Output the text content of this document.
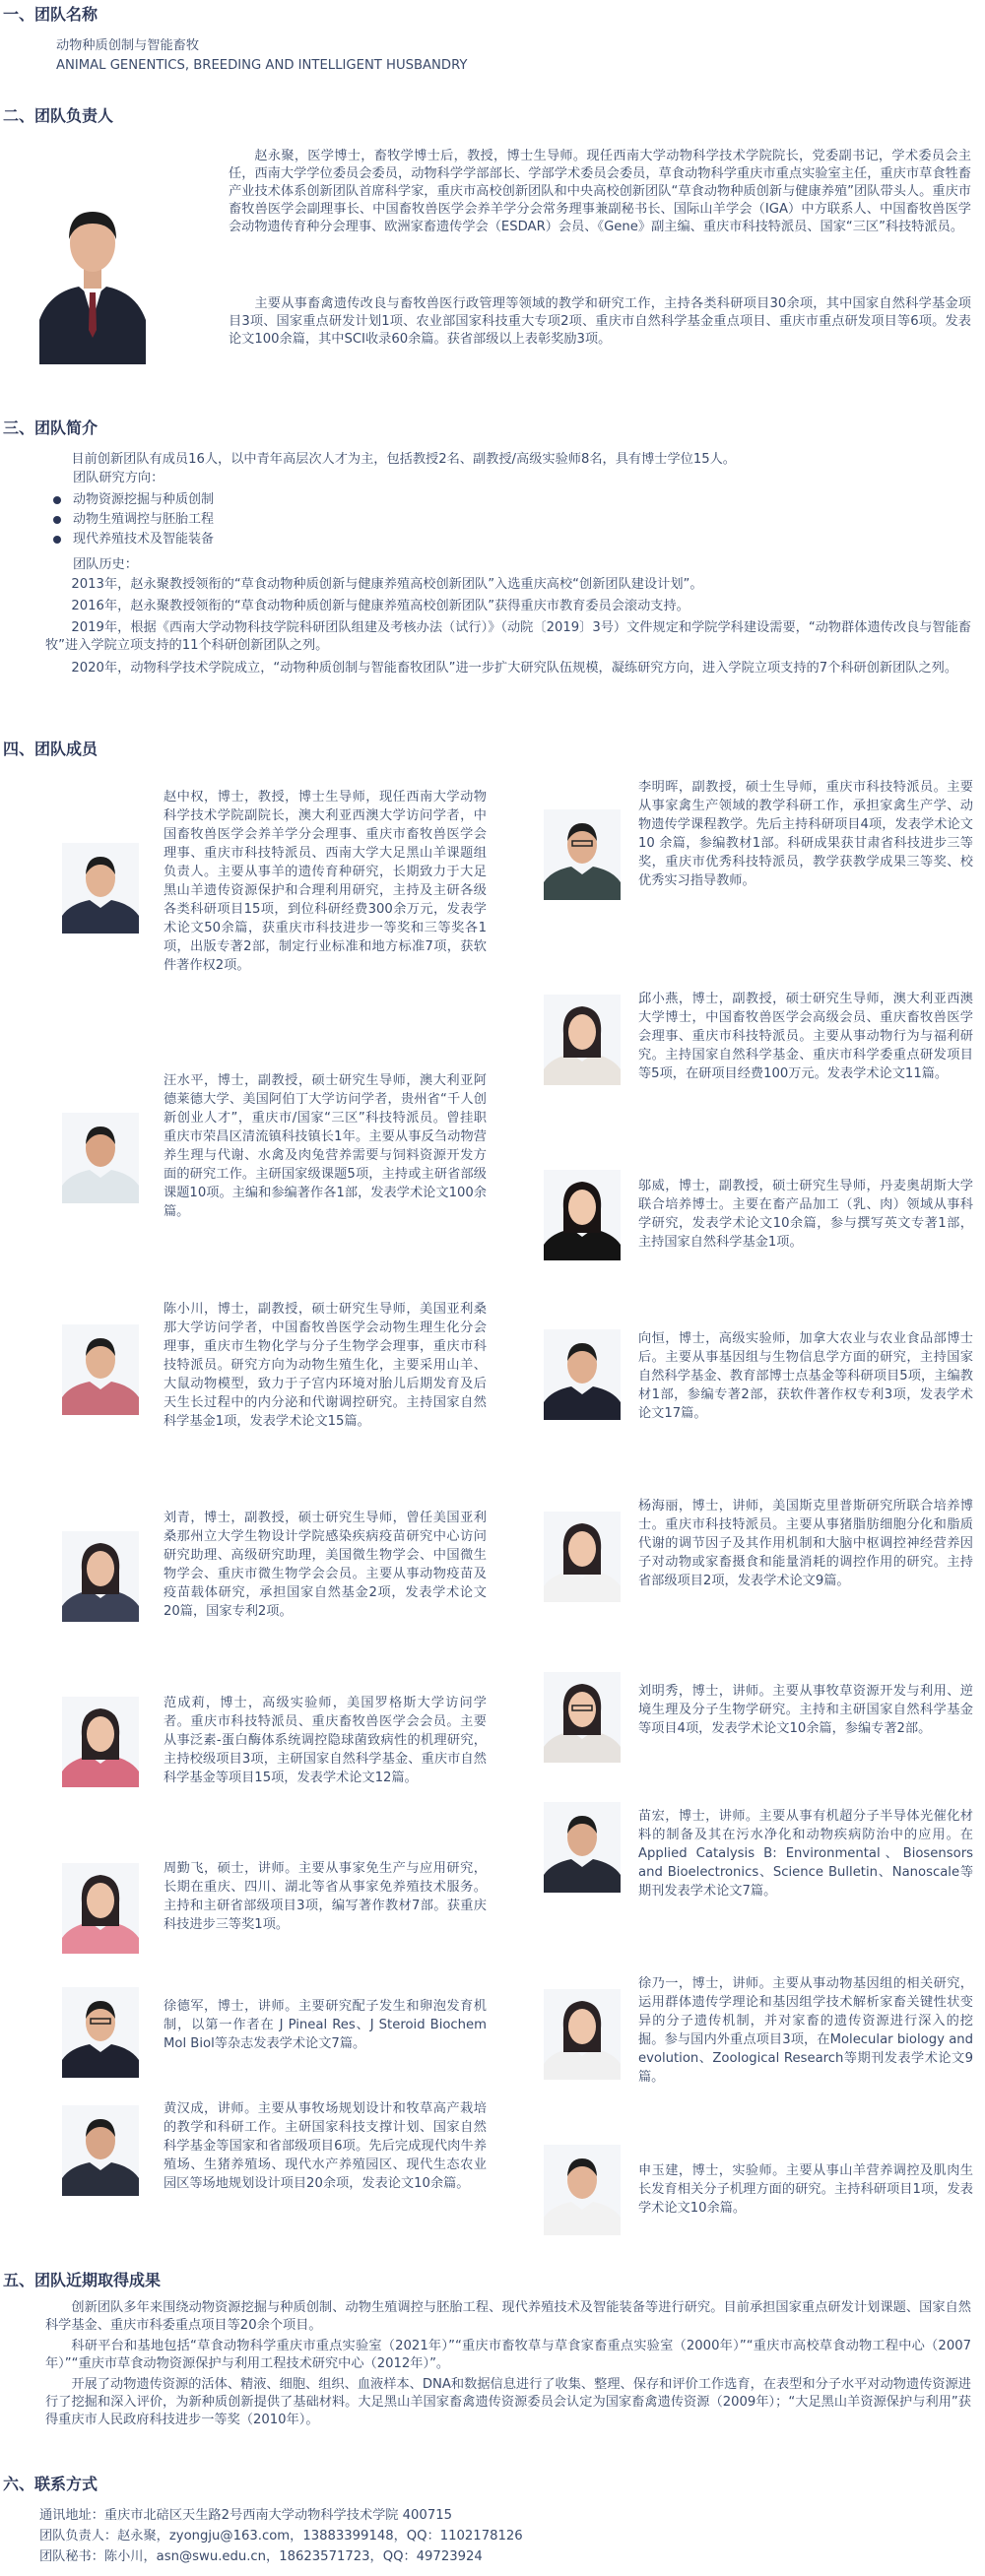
一、团队名称
动物种质创制与智能畜牧
ANIMAL GENENTICS, BREEDING AND INTELLIGENT HUSBANDRY
二、团队负责人
赵永聚，医学博士，畜牧学博士后，教授，博士生导师。现任西南大学动物科学技术学院院长，党委副书记，学术委员会主任，西南大学学位委员会委员，动物科学学部部长、学部学术委员会委员，草食动物科学重庆市重点实验室主任，重庆市草食牲畜产业技术体系创新团队首席科学家，重庆市高校创新团队和中央高校创新团队“草食动物种质创新与健康养殖”团队带头人。重庆市畜牧兽医学会副理事长、中国畜牧兽医学会养羊学分会常务理事兼副秘书长、国际山羊学会（IGA）中方联系人、中国畜牧兽医学会动物遗传育种分会理事、欧洲家畜遗传学会（ESDAR）会员、《Gene》副主编、重庆市科技特派员、国家“三区”科技特派员。
主要从事畜禽遗传改良与畜牧兽医行政管理等领域的教学和研究工作，主持各类科研项目30余项，其中国家自然科学基金项目3项、国家重点研发计划1项、农业部国家科技重大专项2项、重庆市自然科学基金重点项目、重庆市重点研发项目等6项。发表论文100余篇，其中SCI收录60余篇。获省部级以上表彰奖励3项。
三、团队简介
目前创新团队有成员16人，以中青年高层次人才为主，包括教授2名、副教授/高级实验师8名，具有博士学位15人。
团队研究方向：
动物资源挖掘与种质创制
动物生殖调控与胚胎工程
现代养殖技术及智能装备
团队历史：
2013年，赵永聚教授领衔的“草食动物种质创新与健康养殖高校创新团队”入选重庆高校“创新团队建设计划”。
2016年，赵永聚教授领衔的“草食动物种质创新与健康养殖高校创新团队”获得重庆市教育委员会滚动支持。
2019年，根据《西南大学动物科技学院科研团队组建及考核办法（试行）》（动院〔2019〕3号）文件规定和学院学科建设需要，“动物群体遗传改良与智能畜牧”进入学院立项支持的11个科研创新团队之列。
2020年，动物科学技术学院成立，“动物种质创制与智能畜牧团队”进一步扩大研究队伍规模，凝练研究方向，进入学院立项支持的7个科研创新团队之列。
四、团队成员
赵中权，博士，教授，博士生导师，现任西南大学动物科学技术学院副院长，澳大利亚西澳大学访问学者，中国畜牧兽医学会养羊学分会理事、重庆市畜牧兽医学会理事、重庆市科技特派员、西南大学大足黑山羊课题组负责人。主要从事羊的遗传育种研究，长期致力于大足黑山羊遗传资源保护和合理利用研究，主持及主研各级各类科研项目15项，到位科研经费300余万元，发表学术论文50余篇，获重庆市科技进步一等奖和三等奖各1项，出版专著2部，制定行业标准和地方标准7项，获软件著作权2项。
汪水平，博士，副教授，硕士研究生导师，澳大利亚阿德莱德大学、美国阿伯丁大学访问学者，贵州省“千人创新创业人才”，重庆市/国家“三区”科技特派员。曾挂职重庆市荣昌区清流镇科技镇长1年。主要从事反刍动物营养生理与代谢、水禽及肉兔营养需要与饲料资源开发方面的研究工作。主研国家级课题5项，主持或主研省部级课题10项。主编和参编著作各1部，发表学术论文100余篇。
陈小川，博士，副教授，硕士研究生导师，美国亚利桑那大学访问学者，中国畜牧兽医学会动物生理生化分会理事，重庆市生物化学与分子生物学会理事，重庆市科技特派员。研究方向为动物生殖生化，主要采用山羊、大鼠动物模型，致力于子宫内环境对胎儿后期发育及后天生长过程中的内分泌和代谢调控研究。主持国家自然科学基金1项，发表学术论文15篇。
刘青，博士，副教授，硕士研究生导师，曾任美国亚利桑那州立大学生物设计学院感染疾病疫苗研究中心访问研究助理、高级研究助理，美国微生物学会、中国微生物学会、重庆市微生物学会会员。主要从事动物疫苗及疫苗载体研究，承担国家自然基金2项，发表学术论文20篇，国家专利2项。
范成莉，博士，高级实验师，美国罗格斯大学访问学者。重庆市科技特派员、重庆畜牧兽医学会会员。主要从事泛素-蛋白酶体系统调控隐球菌致病性的机理研究，主持校级项目3项，主研国家自然科学基金、重庆市自然科学基金等项目15项，发表学术论文12篇。
周勤飞，硕士，讲师。主要从事家免生产与应用研究，长期在重庆、四川、湖北等省从事家免养殖技术服务。主持和主研省部级项目3项，编写著作教材7部。获重庆科技进步三等奖1项。
徐德军，博士，讲师。主要研究配子发生和卵泡发育机制，以第一作者在 J Pineal Res、J Steroid Biochem Mol Biol等杂志发表学术论文7篇。
黄汉成，讲师。主要从事牧场规划设计和牧草高产栽培的教学和科研工作。主研国家科技支撑计划、国家自然科学基金等国家和省部级项目6项。先后完成现代肉牛养殖场、生猪养殖场、现代水产养殖园区、现代生态农业园区等场地规划设计项目20余项，发表论文10余篇。
李明晖，副教授，硕士生导师，重庆市科技特派员。主要从事家禽生产领域的教学科研工作，承担家禽生产学、动物遗传学课程教学。先后主持科研项目4项，发表学术论文10 余篇，参编教材1部。科研成果获甘肃省科技进步三等奖，重庆市优秀科技特派员，教学获教学成果三等奖、校优秀实习指导教师。
邱小燕，博士，副教授，硕士研究生导师，澳大利亚西澳大学博士，中国畜牧兽医学会高级会员、重庆畜牧兽医学会理事、重庆市科技特派员。主要从事动物行为与福利研究。主持国家自然科学基金、重庆市科学委重点研发项目等5项，在研项目经费100万元。发表学术论文11篇。
邬威，博士，副教授，硕士研究生导师，丹麦奥胡斯大学联合培养博士。主要在畜产品加工（乳、肉）领域从事科学研究，发表学术论文10余篇，参与撰写英文专著1部，主持国家自然科学基金1项。
向恒，博士，高级实验师，加拿大农业与农业食品部博士后。主要从事基因组与生物信息学方面的研究，主持国家自然科学基金、教育部博士点基金等科研项目5项，主编教材1部，参编专著2部，获软件著作权专利3项，发表学术论文17篇。
杨海丽，博士，讲师，美国斯克里普斯研究所联合培养博士。重庆市科技特派员。主要从事猪脂肪细胞分化和脂质代谢的调节因子及其作用机制和大脑中枢调控神经营养因子对动物或家畜摄食和能量消耗的调控作用的研究。主持省部级项目2项，发表学术论文9篇。
刘明秀，博士，讲师。主要从事牧草资源开发与利用、逆境生理及分子生物学研究。主持和主研国家自然科学基金等项目4项，发表学术论文10余篇，参编专著2部。
苗宏，博士，讲师。主要从事有机超分子半导体光催化材料的制备及其在污水净化和动物疾病防治中的应用。在Applied Catalysis B: Environmental、Biosensors and Bioelectronics、Science Bulletin、Nanoscale等期刊发表学术论文7篇。
徐乃一，博士，讲师。主要从事动物基因组的相关研究，运用群体遗传学理论和基因组学技术解析家畜关键性状变异的分子遗传机制，并对家畜的遗传资源进行深入的挖掘。参与国内外重点项目3项，在Molecular biology and evolution、Zoological Research等期刊发表学术论文9篇。
申玉建，博士，实验师。主要从事山羊营养调控及肌肉生长发育相关分子机理方面的研究。主持科研项目1项，发表学术论文10余篇。
五、团队近期取得成果
创新团队多年来围绕动物资源挖掘与种质创制、动物生殖调控与胚胎工程、现代养殖技术及智能装备等进行研究。目前承担国家重点研发计划课题、国家自然科学基金、重庆市科委重点项目等20余个项目。
科研平台和基地包括“草食动物科学重庆市重点实验室（2021年）”“重庆市畜牧草与草食家畜重点实验室（2000年）”“重庆市高校草食动物工程中心（2007年）”“重庆市草食动物资源保护与利用工程技术研究中心（2012年）”。
开展了动物遗传资源的活体、精液、细胞、组织、血液样本、DNA和数据信息进行了收集、整理、保存和评价工作选育，在表型和分子水平对动物遗传资源进行了挖掘和深入评价，为新种质创新提供了基础材料。大足黑山羊国家畜禽遗传资源委员会认定为国家畜禽遗传资源（2009年）；“大足黑山羊资源保护与利用”获得重庆市人民政府科技进步一等奖（2010年）。
六、联系方式
通讯地址：重庆市北碚区天生路2号西南大学动物科学技术学院 400715
团队负责人：赵永聚，zyongju@163.com，13883399148，QQ：1102178126
团队秘书：陈小川，asn@swu.edu.cn，18623571723，QQ：49723924
